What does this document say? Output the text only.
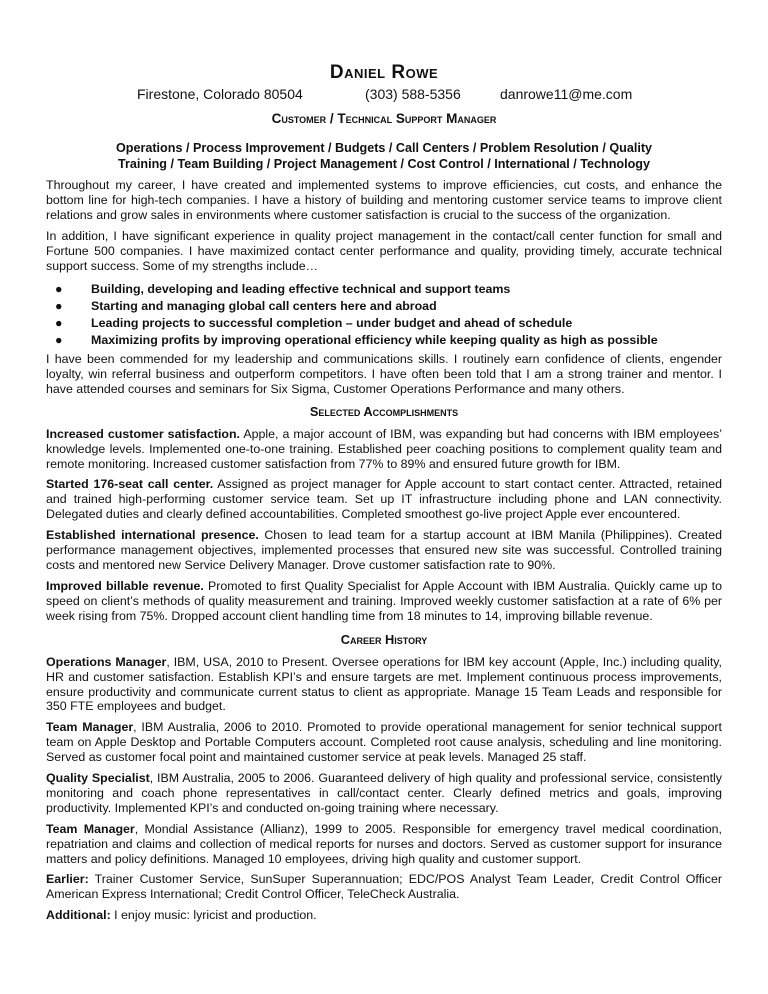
Daniel Rowe
Firestone, Colorado 80504	(303) 588-5356	danrowe11@me.com
Customer / Technical Support Manager
Operations / Process Improvement / Budgets / Call Centers / Problem Resolution / Quality
Training / Team Building / Project Management / Cost Control / International / Technology

Throughout my career, I have created and implemented systems to improve efficiencies, cut costs, and enhance the bottom line for high-tech companies. I have a history of building and mentoring customer service teams to improve client relations and grow sales in environments where customer satisfaction is crucial to the success of the organization.

In addition, I have significant experience in quality project management in the contact/call center function for small and Fortune 500 companies. I have maximized contact center performance and quality, providing timely, accurate technical support success. Some of my strengths include…

● Building, developing and leading effective technical and support teams
● Starting and managing global call centers here and abroad
● Leading projects to successful completion – under budget and ahead of schedule
● Maximizing profits by improving operational efficiency while keeping quality as high as possible

I have been commended for my leadership and communications skills. I routinely earn confidence of clients, engender loyalty, win referral business and outperform competitors. I have often been told that I am a strong trainer and mentor. I have attended courses and seminars for Six Sigma, Customer Operations Performance and many others.

Selected Accomplishments

Increased customer satisfaction. Apple, a major account of IBM, was expanding but had concerns with IBM employees’ knowledge levels. Implemented one-to-one training. Established peer coaching positions to complement quality team and remote monitoring. Increased customer satisfaction from 77% to 89% and ensured future growth for IBM.

Started 176-seat call center. Assigned as project manager for Apple account to start contact center. Attracted, retained and trained high-performing customer service team. Set up IT infrastructure including phone and LAN connectivity. Delegated duties and clearly defined accountabilities. Completed smoothest go-live project Apple ever encountered.

Established international presence. Chosen to lead team for a startup account at IBM Manila (Philippines). Created performance management objectives, implemented processes that ensured new site was successful. Controlled training costs and mentored new Service Delivery Manager. Drove customer satisfaction rate to 90%.

Improved billable revenue. Promoted to first Quality Specialist for Apple Account with IBM Australia. Quickly came up to speed on client’s methods of quality measurement and training. Improved weekly customer satisfaction at a rate of 6% per week rising from 75%. Dropped account client handling time from 18 minutes to 14, improving billable revenue.

Career History

Operations Manager, IBM, USA, 2010 to Present. Oversee operations for IBM key account (Apple, Inc.) including quality, HR and customer satisfaction. Establish KPI’s and ensure targets are met. Implement continuous process improvements, ensure productivity and communicate current status to client as appropriate. Manage 15 Team Leads and responsible for 350 FTE employees and budget.

Team Manager, IBM Australia, 2006 to 2010. Promoted to provide operational management for senior technical support team on Apple Desktop and Portable Computers account. Completed root cause analysis, scheduling and line monitoring. Served as customer focal point and maintained customer service at peak levels. Managed 25 staff.

Quality Specialist, IBM Australia, 2005 to 2006. Guaranteed delivery of high quality and professional service, consistently monitoring and coach phone representatives in call/contact center. Clearly defined metrics and goals, improving productivity. Implemented KPI’s and conducted on-going training where necessary.

Team Manager, Mondial Assistance (Allianz), 1999 to 2005. Responsible for emergency travel medical coordination, repatriation and claims and collection of medical reports for nurses and doctors. Served as customer support for insurance matters and policy definitions. Managed 10 employees, driving high quality and customer support.

Earlier: Trainer Customer Service, SunSuper Superannuation; EDC/POS Analyst Team Leader, Credit Control Officer American Express International; Credit Control Officer, TeleCheck Australia.

Additional: I enjoy music: lyricist and production.
